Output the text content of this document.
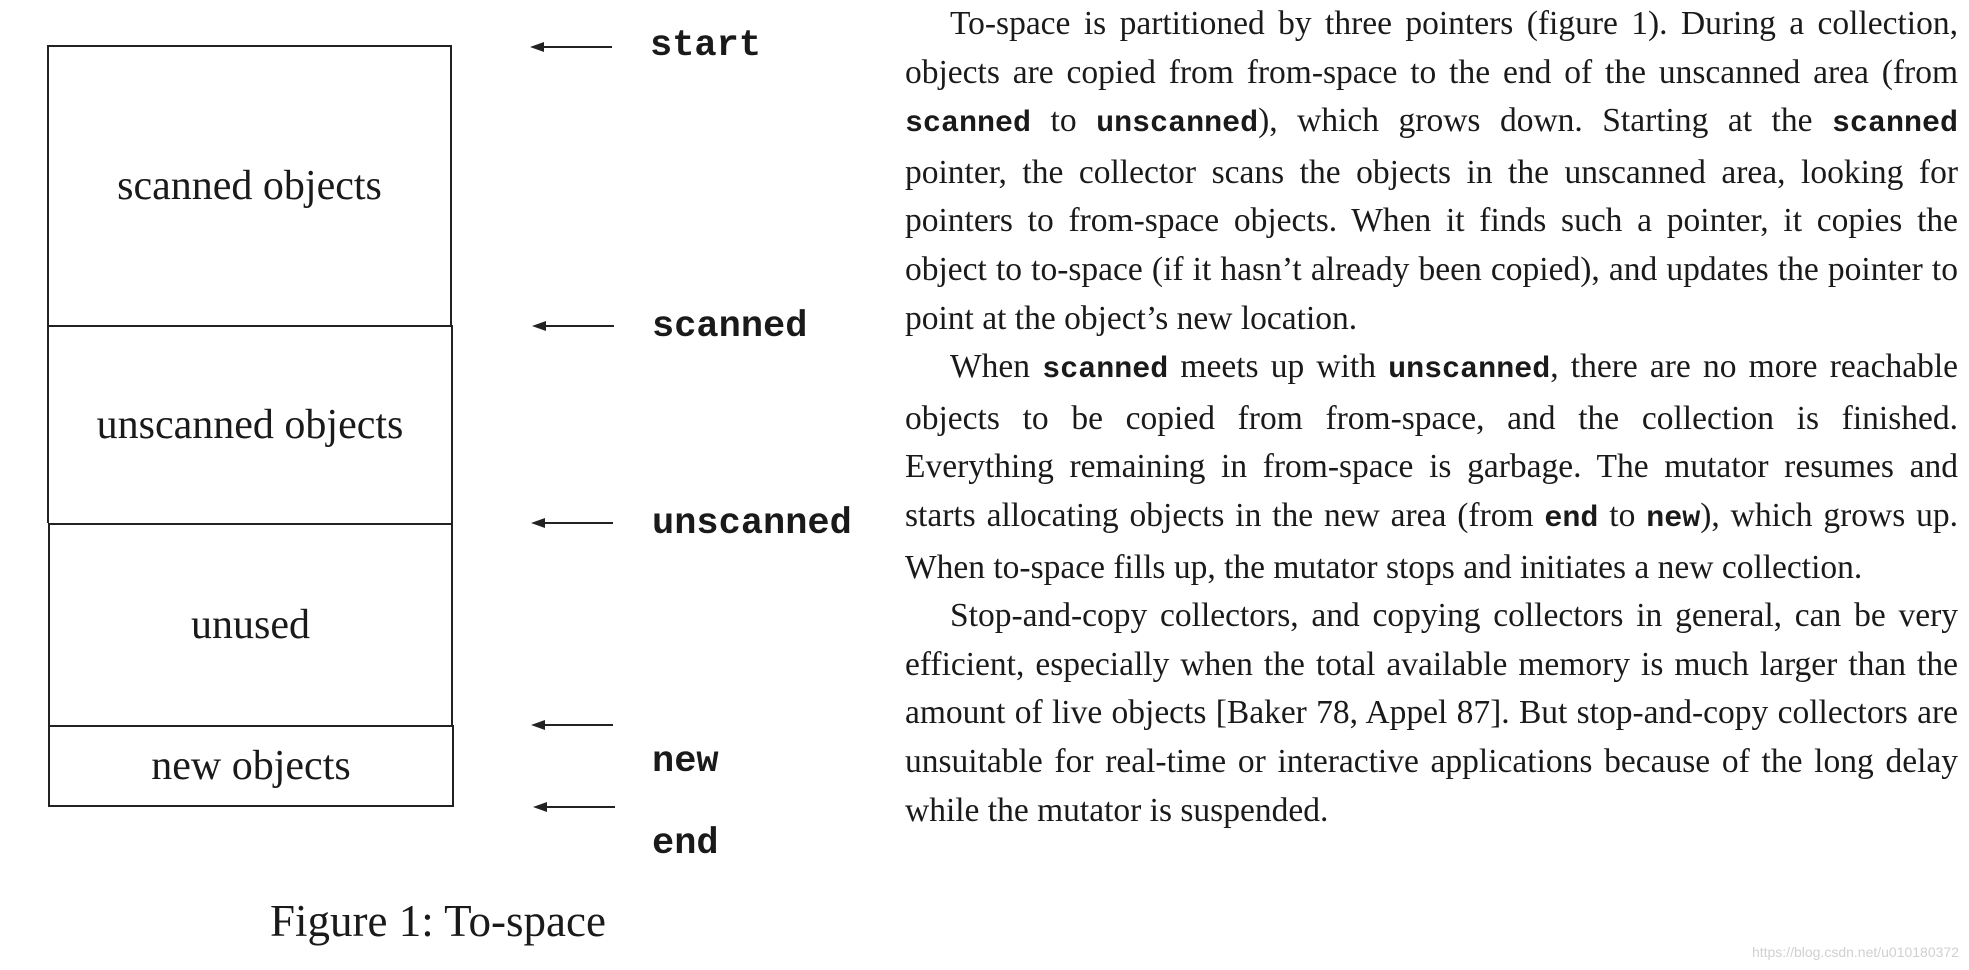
scanned objects
unscanned objects
unused
new objects
start
scanned
unscanned
new
end
Figure 1: To-space

To-space is partitioned by three pointers (figure 1). During a collection, objects are copied from from-space to the end of the unscanned area (from scanned to unscanned), which grows down. Starting at the scanned pointer, the collector scans the objects in the unscanned area, looking for pointers to from-space objects. When it finds such a pointer, it copies the object to to-space (if it hasn’t already been copied), and updates the pointer to point at the object’s new location.

When scanned meets up with unscanned, there are no more reachable objects to be copied from from-space, and the collection is finished. Everything remaining in from-space is garbage. The mutator resumes and starts allocating objects in the new area (from end to new), which grows up. When to-space fills up, the mutator stops and initiates a new collection.

Stop-and-copy collectors, and copying collectors in general, can be very efficient, especially when the total available memory is much larger than the amount of live objects [Baker 78, Appel 87]. But stop-and-copy collectors are unsuitable for real-time or interactive applications because of the long delay while the mutator is suspended.

https://blog.csdn.net/u010180372
